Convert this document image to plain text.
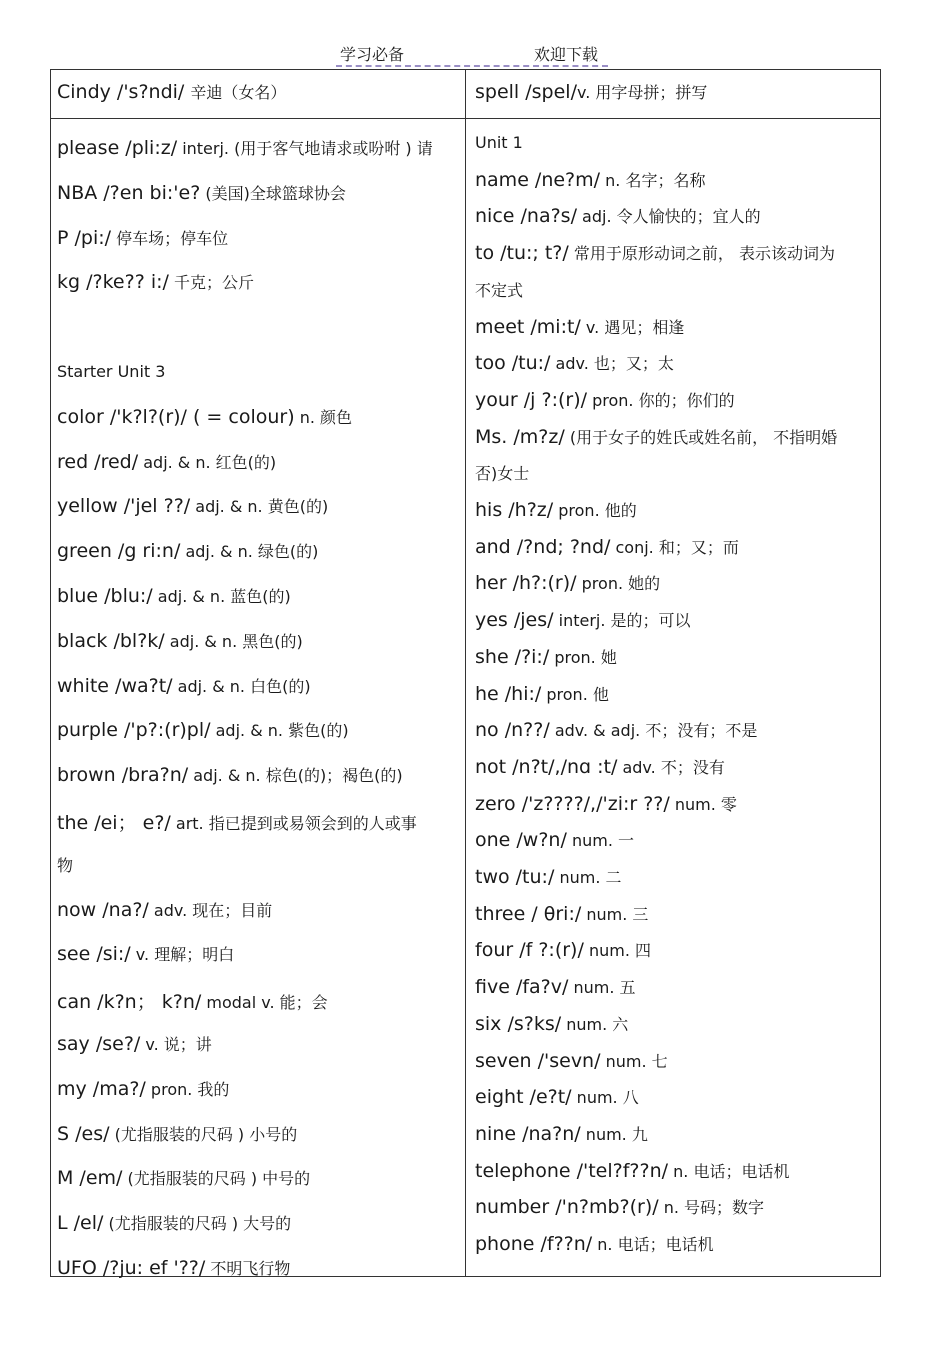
学习必备	欢迎下载
Cindy /'s?ndi/ 辛迪（女名）	spell /spel/v. 用字母拼；拼写
please /pli:z/ interj. (用于客气地请求或吩咐 ) 请
NBA /?en bi:'e? (美国)全球篮球协会
P /pi:/ 停车场；停车位
kg /?ke?? i:/ 千克；公斤
Starter Unit 3
color /'k?l?(r)/ ( = colour) n. 颜色
red /red/ adj. & n. 红色(的)
yellow /'jel ??/ adj. & n. 黄色(的)
green /g ri:n/ adj. & n. 绿色(的)
blue /blu:/ adj. & n. 蓝色(的)
black /bl?k/ adj. & n. 黑色(的)
white /wa?t/ adj. & n. 白色(的)
purple /'p?:(r)pl/ adj. & n. 紫色(的)
brown /bra?n/ adj. & n. 棕色(的)；褐色(的)
the /ei； e?/ art. 指已提到或易领会到的人或事
物
now /na?/ adv. 现在；目前
see /si:/ v. 理解；明白
can /k?n； k?n/ modal v. 能；会
say /se?/ v. 说；讲
my /ma?/ pron. 我的
S /es/ (尤指服装的尺码 ) 小号的
M /em/ (尤指服装的尺码 ) 中号的
L /el/ (尤指服装的尺码 ) 大号的
UFO /?ju: ef '??/ 不明飞行物
Unit 1
name /ne?m/ n. 名字；名称
nice /na?s/ adj. 令人愉快的；宜人的
to /tu:; t?/ 常用于原形动词之前， 表示该动词为
不定式
meet /mi:t/ v. 遇见；相逢
too /tu:/ adv. 也；又；太
your /j ?:(r)/ pron. 你的；你们的
Ms. /m?z/ (用于女子的姓氏或姓名前， 不指明婚
否)女士
his /h?z/ pron. 他的
and /?nd; ?nd/ conj. 和；又；而
her /h?:(r)/ pron. 她的
yes /jes/ interj. 是的；可以
she /?i:/ pron. 她
he /hi:/ pron. 他
no /n??/ adv. & adj. 不；没有；不是
not /n?t/,/nɑ :t/ adv. 不；没有
zero /'z????/,/'zi:r ??/ num. 零
one /w?n/ num. 一
two /tu:/ num. 二
three / θri:/ num. 三
four /f ?:(r)/ num. 四
five /fa?v/ num. 五
six /s?ks/ num. 六
seven /'sevn/ num. 七
eight /e?t/ num. 八
nine /na?n/ num. 九
telephone /'tel?f??n/ n. 电话；电话机
number /'n?mb?(r)/ n. 号码；数字
phone /f??n/ n. 电话；电话机
